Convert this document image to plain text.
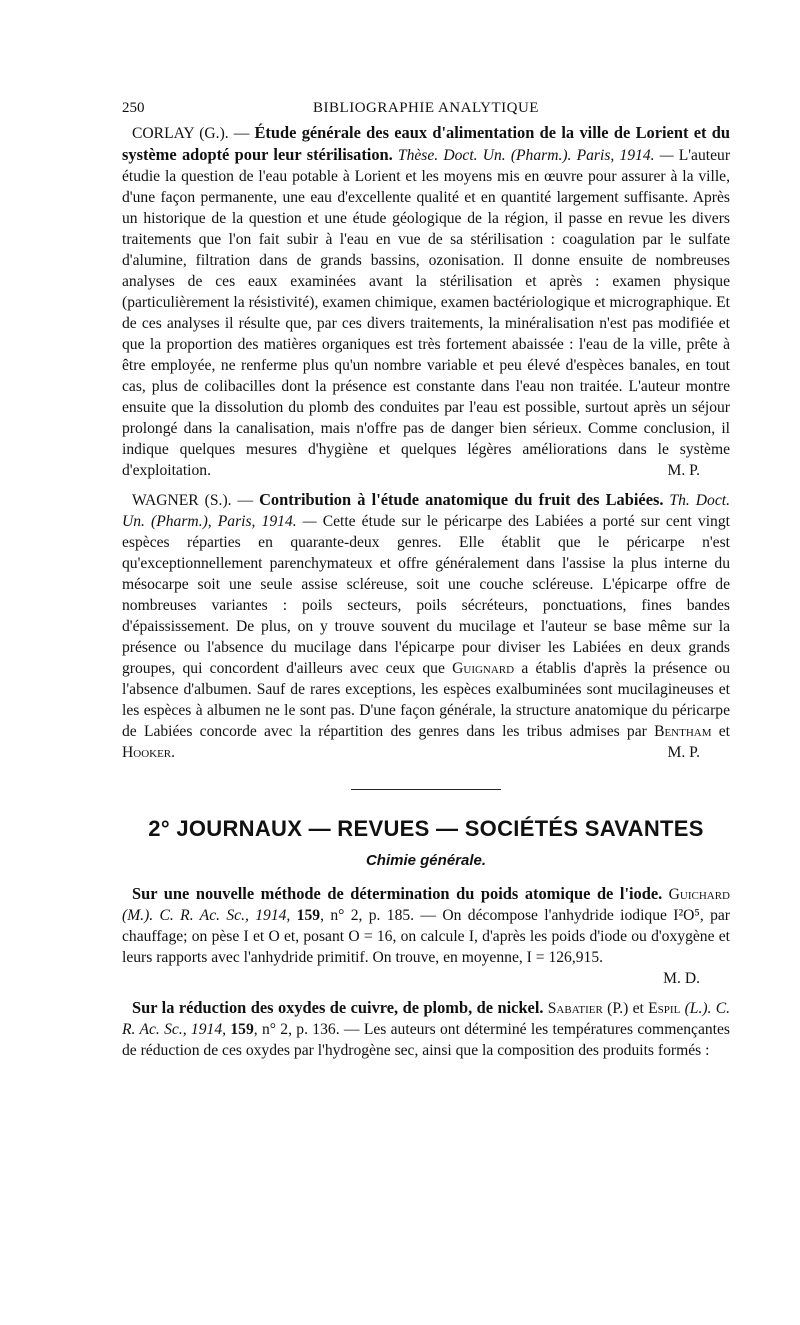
250	BIBLIOGRAPHIE ANALYTIQUE

CORLAY (G.). — Étude générale des eaux d'alimentation de la ville de Lorient et du système adopté pour leur stérilisation. Thèse. Doct. Un. (Pharm.). Paris, 1914. — L'auteur étudie la question de l'eau potable à Lorient et les moyens mis en œuvre pour assurer à la ville, d'une façon permanente, une eau d'excellente qualité et en quantité largement suffisante. Après un historique de la question et une étude géologique de la région, il passe en revue les divers traitements que l'on fait subir à l'eau en vue de sa stérilisation : coagulation par le sulfate d'alumine, filtration dans de grands bassins, ozonisation. Il donne ensuite de nombreuses analyses de ces eaux examinées avant la stérilisation et après : examen physique (particulièrement la résistivité), examen chimique, examen bactériologique et micrographique. Et de ces analyses il résulte que, par ces divers traitements, la minéralisation n'est pas modifiée et que la proportion des matières organiques est très fortement abaissée : l'eau de la ville, prête à être employée, ne renferme plus qu'un nombre variable et peu élevé d'espèces banales, en tout cas, plus de colibacilles dont la présence est constante dans l'eau non traitée. L'auteur montre ensuite que la dissolution du plomb des conduites par l'eau est possible, surtout après un séjour prolongé dans la canalisation, mais n'offre pas de danger bien sérieux. Comme conclusion, il indique quelques mesures d'hygiène et quelques légères améliorations dans le système d'exploitation.	M. P.

WAGNER (S.). — Contribution à l'étude anatomique du fruit des Labiées. Th. Doct. Un. (Pharm.), Paris, 1914. — Cette étude sur le péricarpe des Labiées a porté sur cent vingt espèces réparties en quarante-deux genres. Elle établit que le péricarpe n'est qu'exceptionnellement parenchymateux et offre généralement dans l'assise la plus interne du mésocarpe soit une seule assise scléreuse, soit une couche scléreuse. L'épicarpe offre de nombreuses variantes : poils secteurs, poils sécréteurs, ponctuations, fines bandes d'épaississement. De plus, on y trouve souvent du mucilage et l'auteur se base même sur la présence ou l'absence du mucilage dans l'épicarpe pour diviser les Labiées en deux grands groupes, qui concordent d'ailleurs avec ceux que Guignard a établis d'après la présence ou l'absence d'albumen. Sauf de rares exceptions, les espèces exalbuminées sont mucilagineuses et les espèces à albumen ne le sont pas. D'une façon générale, la structure anatomique du péricarpe de Labiées concorde avec la répartition des genres dans les tribus admises par Bentham et Hooker.	M. P.

2° JOURNAUX — REVUES — SOCIÉTÉS SAVANTES
Chimie générale.

Sur une nouvelle méthode de détermination du poids atomique de l'iode. Guichard (M.). C. R. Ac. Sc., 1914, 159, n° 2, p. 185. — On décompose l'anhydride iodique I²O⁵, par chauffage; on pèse I et O et, posant O = 16, on calcule I, d'après les poids d'iode ou d'oxygène et leurs rapports avec l'anhydride primitif. On trouve, en moyenne, I = 126,915.

M. D.

Sur la réduction des oxydes de cuivre, de plomb, de nickel. Sabatier (P.) et Espil (L.). C. R. Ac. Sc., 1914, 159, n° 2, p. 136. — Les auteurs ont déterminé les températures commençantes de réduction de ces oxydes par l'hydrogène sec, ainsi que la composition des produits formés :
